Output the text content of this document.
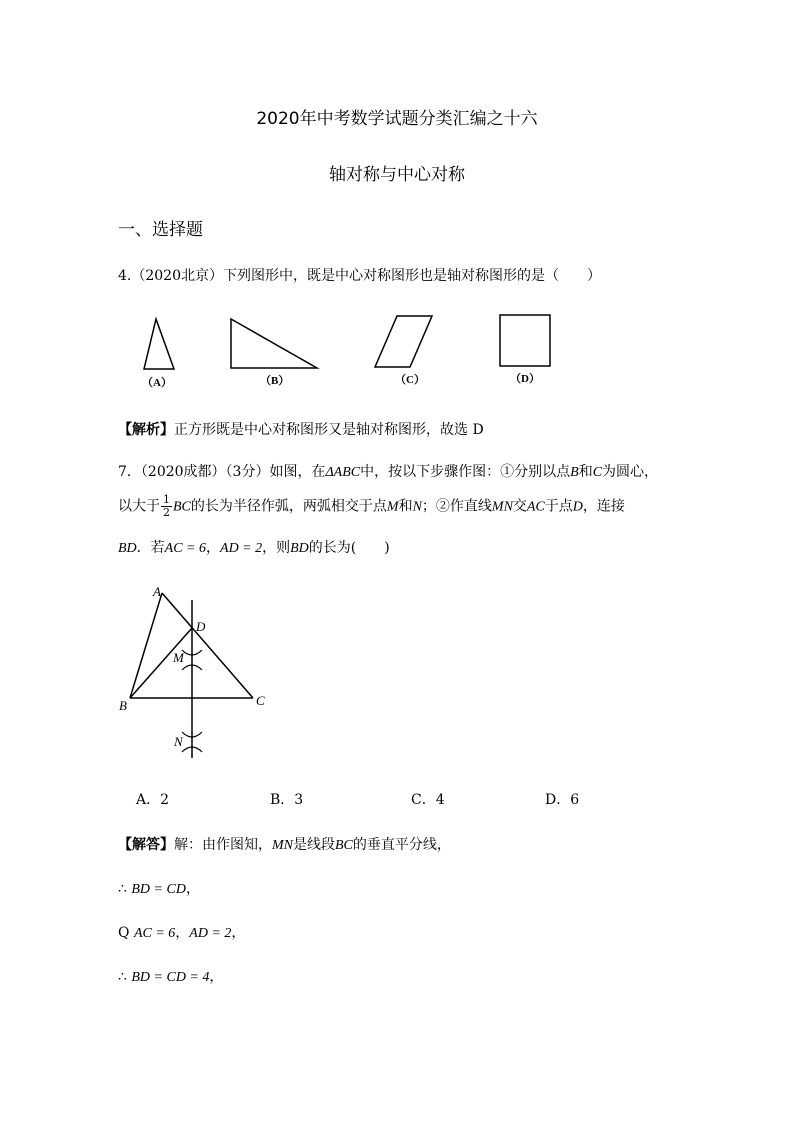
2020年中考数学试题分类汇编之十六
轴对称与中心对称
一、选择题
4.（2020北京）下列图形中，既是中心对称图形也是轴对称图形的是（　　）
（A）	（B）	（C）	（D）
【解析】正方形既是中心对称图形又是轴对称图形，故选 D
7．（2020成都）（3分）如图，在ΔABC中，按以下步骤作图：①分别以点B和C为圆心，
以大于 $\frac{1}{2}$ BC的长为半径作弧，两弧相交于点M和N；②作直线MN交AC于点D，连接
BD．若AC = 6，AD = 2，则BD的长为(　　)
A
D
M
B	C
N
A．2	B．3	C．4	D．6
【解答】解：由作图知，MN是线段BC的垂直平分线，
∴ BD = CD，
Q AC = 6，AD = 2，
∴ BD = CD = 4，
